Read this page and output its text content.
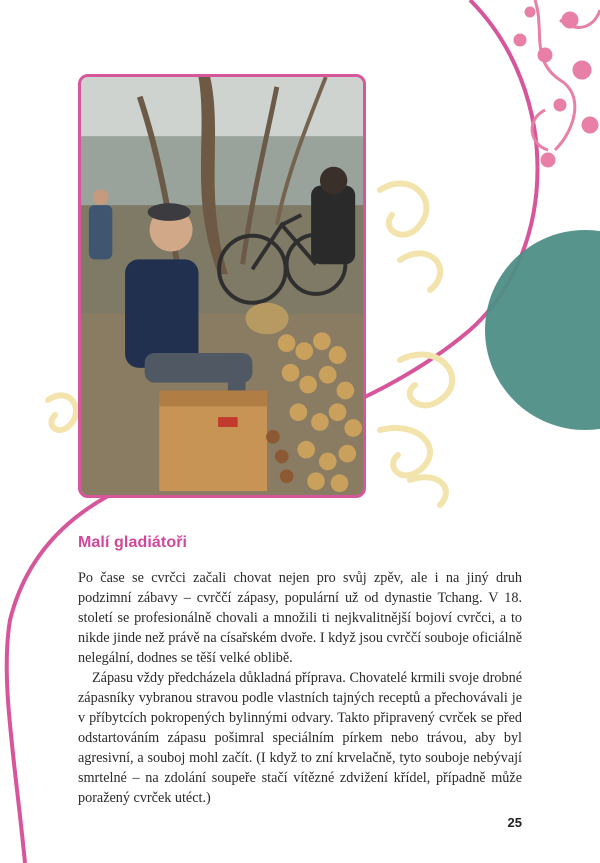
Malí gladiátoři

Po čase se cvrčci začali chovat nejen pro svůj zpěv, ale i na jiný druh podzimní zábavy – cvrččí zápasy, populární už od dynastie Tchang. V 18. století se profesionálně chovali a množili ti nejkvalitnější bojoví cvrčci, a to nikde jinde než právě na císařském dvoře. I když jsou cvrččí souboje oficiálně nelegální, dodnes se těší velké oblibě.

Zápasu vždy předcházela důkladná příprava. Chovatelé krmili svoje drobné zápasníky vybranou stravou podle vlastních tajných receptů a přechovávali je v příbytcích pokropených bylinnými odvary. Takto připravený cvrček se před odstartováním zápasu pošimral speciálním pírkem nebo trávou, aby byl agresivní, a souboj mohl začít. (I když to zní krvelačně, tyto souboje nebývají smrtelné – na zdolání soupeře stačí vítězné zdvižení křídel, případně může poražený cvrček utéct.)

25
